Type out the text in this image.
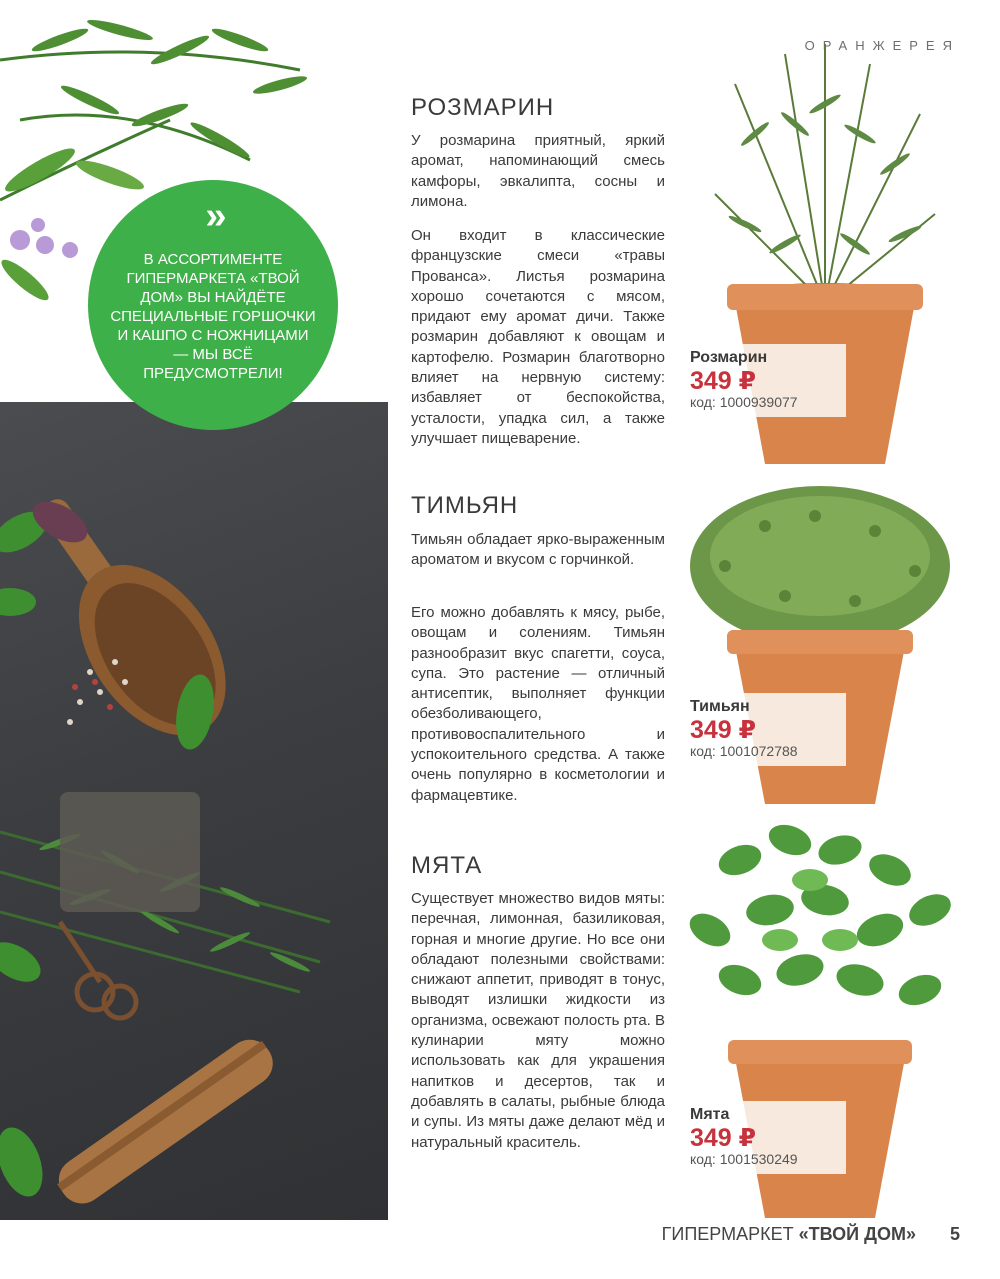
»
В АССОРТИМЕНТЕ ГИПЕРМАРКЕТА «ТВОЙ ДОМ» ВЫ НАЙДЁТЕ СПЕЦИАЛЬНЫЕ ГОРШОЧКИ И КАШПО С НОЖНИЦАМИ — МЫ ВСЁ ПРЕДУСМОТРЕЛИ!
ОРАНЖЕРЕЯ
РОЗМАРИН
У розмарина приятный, яркий аромат, напоминающий смесь камфоры, эвкалипта, сосны и лимона.
Он входит в классические французские смеси «травы Прованса». Листья розмарина хорошо сочетаются с мясом, придают ему аромат дичи. Также розмарин добавляют к овощам и картофелю. Розмарин благотворно влияет на нервную систему: избавляет от беспокойства, усталости, упадка сил, а также улучшает пищеварение.
ТИМЬЯН
Тимьян обладает ярко-выраженным ароматом и вкусом с горчинкой.
Его можно добавлять к мясу, рыбе, овощам и солениям. Тимьян разнообразит вкус спагетти, соуса, супа. Это растение — отличный антисептик, выполняет функции обезболивающего, противовоспалительного и успокоительного средства. А также очень популярно в косметологии и фармацевтике.
МЯТА
Существует множество видов мяты: перечная, лимонная, базиликовая, горная и многие другие. Но все они обладают полезными свойствами: снижают аппетит, приводят в тонус, выводят излишки жидкости из организма, освежают полость рта. В кулинарии мяту можно использовать как для украшения напитков и десертов, так и добавлять в салаты, рыбные блюда и супы. Из мяты даже делают мёд и натуральный краситель.
Розмарин
349 ₽
код: 1000939077
Тимьян
349 ₽
код: 1001072788
Мята
349 ₽
код: 1001530249
ГИПЕРМАРКЕТ «ТВОЙ ДОМ» 5
